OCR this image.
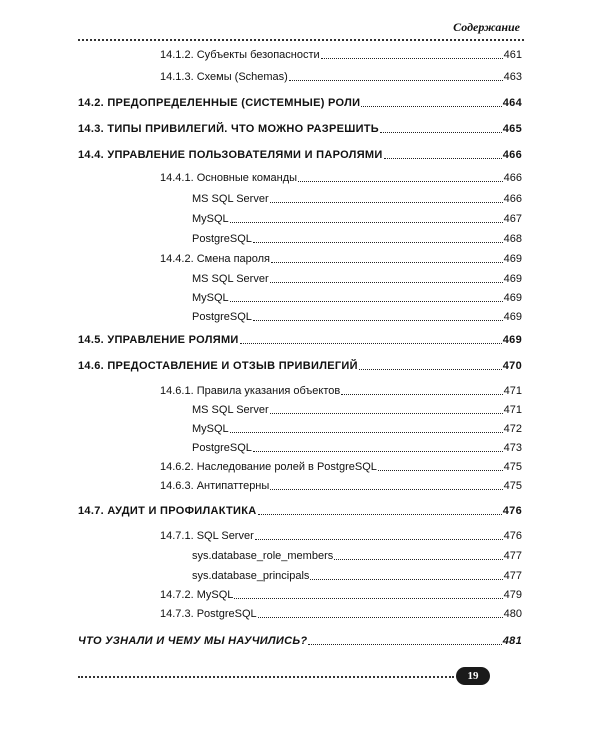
Содержание
14.1.2. Субъекты безопасности	461
14.1.3. Схемы (Schemas)	463
14.2. ПРЕДОПРЕДЕЛЕННЫЕ (СИСТЕМНЫЕ) РОЛИ	464
14.3. ТИПЫ ПРИВИЛЕГИЙ. ЧТО МОЖНО РАЗРЕШИТЬ	465
14.4. УПРАВЛЕНИЕ ПОЛЬЗОВАТЕЛЯМИ И ПАРОЛЯМИ	466
14.4.1. Основные команды	466
MS SQL Server	466
MySQL	467
PostgreSQL	468
14.4.2. Смена пароля	469
MS SQL Server	469
MySQL	469
PostgreSQL	469
14.5. УПРАВЛЕНИЕ РОЛЯМИ	469
14.6. ПРЕДОСТАВЛЕНИЕ И ОТЗЫВ ПРИВИЛЕГИЙ	470
14.6.1. Правила указания объектов	471
MS SQL Server	471
MySQL	472
PostgreSQL	473
14.6.2. Наследование ролей в PostgreSQL	475
14.6.3. Антипаттерны	475
14.7. АУДИТ И ПРОФИЛАКТИКА	476
14.7.1. SQL Server	476
sys.database_role_members	477
sys.database_principals	477
14.7.2. MySQL	479
14.7.3. PostgreSQL	480
ЧТО УЗНАЛИ И ЧЕМУ МЫ НАУЧИЛИСЬ?	481
19
